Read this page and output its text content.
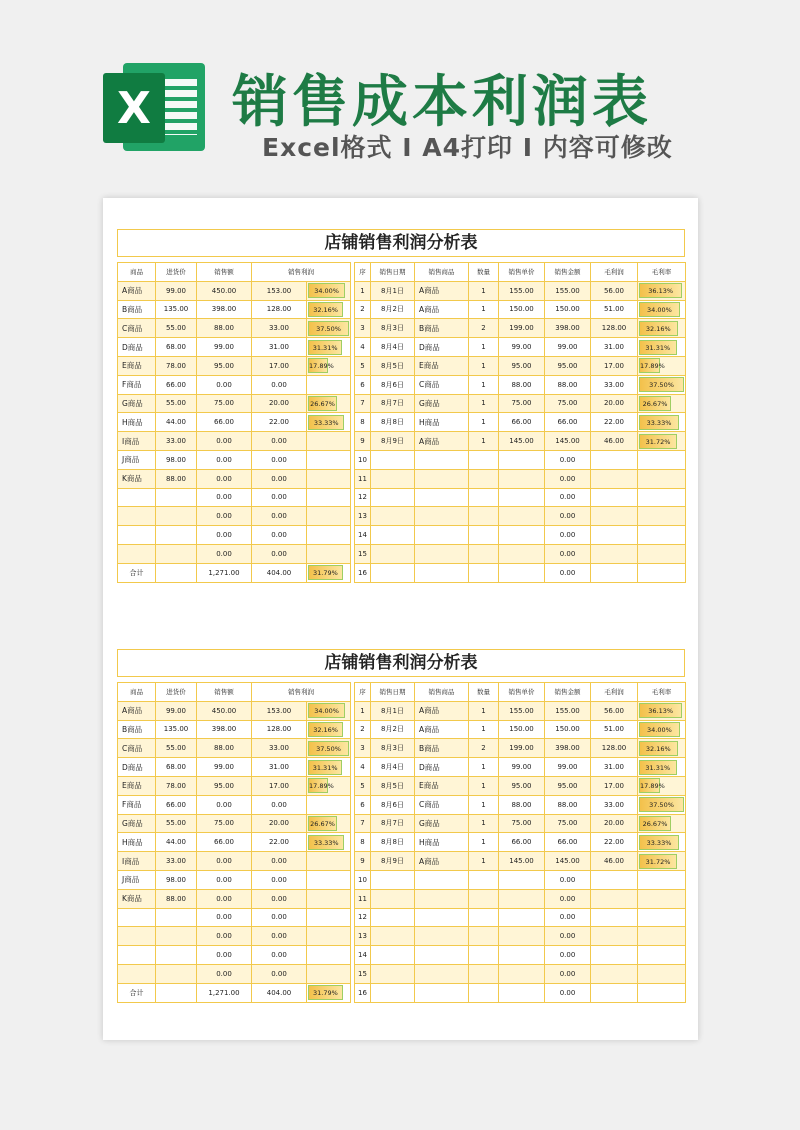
X 销售成本利润表
Excel格式 I A4打印 I 内容可修改
店铺销售利润分析表
商品	进货价	销售额	销售利润	
A商品	99.00	450.00	153.00	34.00%

B商品	135.00	398.00	128.00	32.16%

C商品	55.00	88.00	33.00	37.50%

D商品	68.00	99.00	31.00	31.31%

E商品	78.00	95.00	17.00	17.89%

F商品	66.00	0.00	0.00	
G商品	55.00	75.00	20.00	26.67%

H商品	44.00	66.00	22.00	33.33%

I商品	33.00	0.00	0.00	
J商品	98.00	0.00	0.00	
K商品	88.00	0.00	0.00	
		0.00	0.00	
		0.00	0.00	
		0.00	0.00	
		0.00	0.00	
合计		1,271.00	404.00	31.79%
序	销售日期	销售商品	数量	销售单价	销售金额	毛利润	毛利率
1	8月1日	A商品	1	155.00	155.00	56.00	36.13%

2	8月2日	A商品	1	150.00	150.00	51.00	34.00%

3	8月3日	B商品	2	199.00	398.00	128.00	32.16%

4	8月4日	D商品	1	99.00	99.00	31.00	31.31%

5	8月5日	E商品	1	95.00	95.00	17.00	17.89%

6	8月6日	C商品	1	88.00	88.00	33.00	37.50%

7	8月7日	G商品	1	75.00	75.00	20.00	26.67%

8	8月8日	H商品	1	66.00	66.00	22.00	33.33%

9	8月9日	A商品	1	145.00	145.00	46.00	31.72%

10					0.00		
11					0.00		
12					0.00		
13					0.00		
14					0.00		
15					0.00		
16					0.00		
店铺销售利润分析表
商品	进货价	销售额	销售利润	
A商品	99.00	450.00	153.00	34.00%

B商品	135.00	398.00	128.00	32.16%

C商品	55.00	88.00	33.00	37.50%

D商品	68.00	99.00	31.00	31.31%

E商品	78.00	95.00	17.00	17.89%

F商品	66.00	0.00	0.00	
G商品	55.00	75.00	20.00	26.67%

H商品	44.00	66.00	22.00	33.33%

I商品	33.00	0.00	0.00	
J商品	98.00	0.00	0.00	
K商品	88.00	0.00	0.00	
		0.00	0.00	
		0.00	0.00	
		0.00	0.00	
		0.00	0.00	
合计		1,271.00	404.00	31.79%
序	销售日期	销售商品	数量	销售单价	销售金额	毛利润	毛利率
1	8月1日	A商品	1	155.00	155.00	56.00	36.13%

2	8月2日	A商品	1	150.00	150.00	51.00	34.00%

3	8月3日	B商品	2	199.00	398.00	128.00	32.16%

4	8月4日	D商品	1	99.00	99.00	31.00	31.31%

5	8月5日	E商品	1	95.00	95.00	17.00	17.89%

6	8月6日	C商品	1	88.00	88.00	33.00	37.50%

7	8月7日	G商品	1	75.00	75.00	20.00	26.67%

8	8月8日	H商品	1	66.00	66.00	22.00	33.33%

9	8月9日	A商品	1	145.00	145.00	46.00	31.72%

10					0.00		
11					0.00		
12					0.00		
13					0.00		
14					0.00		
15					0.00		
16					0.00		
